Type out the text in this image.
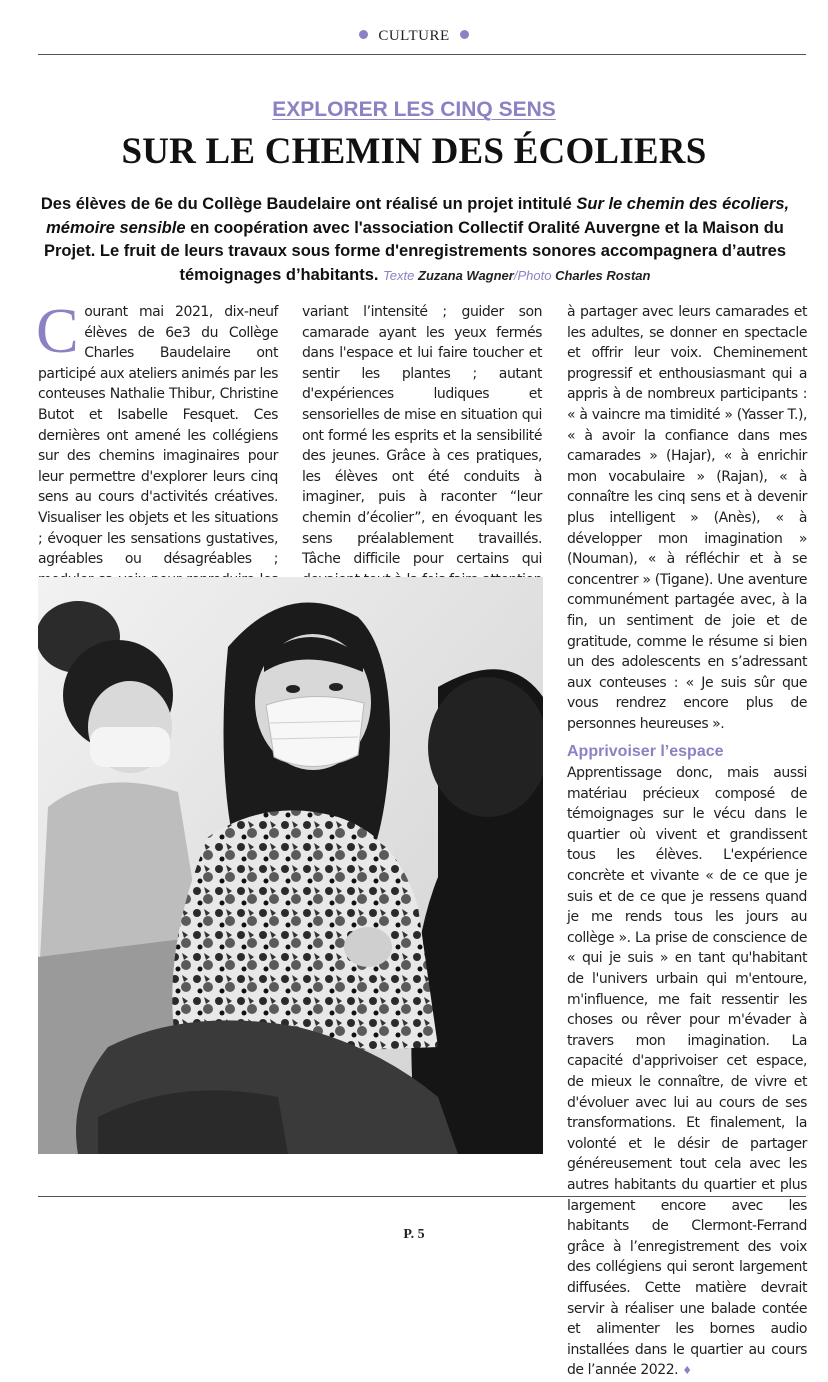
CULTURE
EXPLORER LES CINQ SENS
SUR LE CHEMIN DES ÉCOLIERS
Des élèves de 6e du Collège Baudelaire ont réalisé un projet intitulé Sur le chemin des écoliers, mémoire sensible en coopération avec l'association Collectif Oralité Auvergne et la Maison du Projet. Le fruit de leurs travaux sous forme d'enregistrements sonores accompagnera d’autres témoignages d’habitants. Texte Zuzana Wagner/Photo Charles Rostan
Courant mai 2021, dix-neuf élèves de 6e3 du Collège Charles Baudelaire ont participé aux ateliers animés par les conteuses Nathalie Thibur, Christine Butot et Isabelle Fesquet. Ces dernières ont amené les collégiens sur des chemins imaginaires pour leur permettre d'explorer leurs cinq sens au cours d'activités créatives. Visualiser les objets et les situations ; évoquer les sensations gustatives, agréables ou désagréables ;
variant l’intensité ; guider son camarade ayant les yeux fermés dans l'espace et lui faire toucher et sentir les plantes ; autant d'expériences ludiques et sensorielles de mise en situation qui ont formé les esprits et la sensibilité des jeunes. Grâce à ces pratiques, les élèves ont été conduits à imaginer, puis à raconter “leur chemin d’écolier”, en évoquant les sens préalablement travaillés. Tâche difficile pour certains qui
à partager avec leurs camarades et les adultes, se donner en spectacle et offrir leur voix. Cheminement progressif et enthousiasmant qui a appris à de nombreux participants : « à vaincre ma timidité » (Yasser T.), « à avoir la confiance dans mes camarades » (Hajar), « à enrichir mon vocabulaire » (Rajan), « à connaître les cinq sens et à devenir plus intelligent » (Anès), « à développer mon imagination » (Nouman), « à réfléchir et à se concentrer » (Tigane). Une aventure communément partagée avec, à la fin, un sentiment de joie et de gratitude, comme le résume si bien un des adolescents en s’adressant aux conteuses : « Je suis sûr que vous rendrez encore plus de personnes heureuses ».
Apprivoiser l’espace
Apprentissage donc, mais aussi matériau précieux composé de témoignages sur le vécu dans le quartier où vivent et grandissent tous les élèves. L'expérience concrète et vivante « de ce que je suis et de ce que je ressens quand je me rends tous les jours au collège ». La prise de conscience de « qui je suis » en tant qu'habitant de l'univers urbain qui m'entoure, m'influence, me fait ressentir les choses ou rêver pour m'évader à travers mon imagination. La capacité d'apprivoiser cet espace, de mieux le connaître, de vivre et d'évoluer avec lui au cours de ses transformations. Et finalement, la volonté et le désir de partager généreusement tout cela avec les autres habitants du quartier et plus largement encore avec les habitants de Clermont-Ferrand grâce à l’enregistrement des voix des collégiens qui seront largement diffusées. Cette matière devrait servir à réaliser une balade contée et alimenter les bornes audio installées dans le quartier au cours de l’année 2022. ♦
P. 5
